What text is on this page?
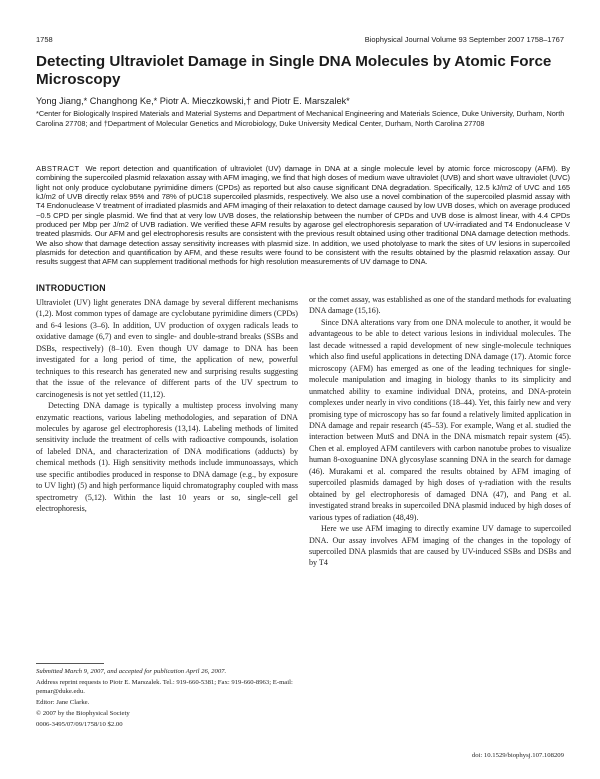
1758	Biophysical Journal Volume 93 September 2007 1758–1767
Detecting Ultraviolet Damage in Single DNA Molecules by Atomic Force Microscopy
Yong Jiang,* Changhong Ke,* Piotr A. Mieczkowski,† and Piotr E. Marszalek*
*Center for Biologically Inspired Materials and Material Systems and Department of Mechanical Engineering and Materials Science, Duke University, Durham, North Carolina 27708; and †Department of Molecular Genetics and Microbiology, Duke University Medical Center, Durham, North Carolina 27708
ABSTRACT We report detection and quantification of ultraviolet (UV) damage in DNA at a single molecule level by atomic force microscopy (AFM). By combining the supercoiled plasmid relaxation assay with AFM imaging, we find that high doses of medium wave ultraviolet (UVB) and short wave ultraviolet (UVC) light not only produce cyclobutane pyrimidine dimers (CPDs) as reported but also cause significant DNA degradation. Specifically, 12.5 kJ/m2 of UVC and 165 kJ/m2 of UVB directly relax 95% and 78% of pUC18 supercoiled plasmids, respectively. We also use a novel combination of the supercoiled plasmid assay with T4 Endonuclease V treatment of irradiated plasmids and AFM imaging of their relaxation to detect damage caused by low UVB doses, which on average produced ~0.5 CPD per single plasmid. We find that at very low UVB doses, the relationship between the number of CPDs and UVB dose is almost linear, with 4.4 CPDs produced per Mbp per J/m2 of UVB radiation. We verified these AFM results by agarose gel electrophoresis separation of UV-irradiated and T4 Endonuclease V treated plasmids. Our AFM and gel electrophoresis results are consistent with the previous result obtained using other traditional DNA damage detection methods. We also show that damage detection assay sensitivity increases with plasmid size. In addition, we used photolyase to mark the sites of UV lesions in supercoiled plasmids for detection and quantification by AFM, and these results were found to be consistent with the results obtained by the plasmid relaxation assay. Our results suggest that AFM can supplement traditional methods for high resolution measurements of UV damage to DNA.
INTRODUCTION

Ultraviolet (UV) light generates DNA damage by several different mechanisms (1,2). Most common types of damage are cyclobutane pyrimidine dimers (CPDs) and 6-4 lesions (3–6). In addition, UV production of oxygen radicals leads to oxidative damage (6,7) and even to single- and double-strand breaks (SSBs and DSBs, respectively) (8–10). Even though UV damage to DNA has been investigated for a long period of time, the application of new, powerful techniques to this research has generated new and surprising results suggesting that the issue of the relevance of different parts of the UV spectrum to carcinogenesis is not yet settled (11,12).

Detecting DNA damage is typically a multistep process involving many enzymatic reactions, various labeling methodologies, and separation of DNA molecules by agarose gel electrophoresis (13,14). Labeling methods of limited sensitivity include the treatment of cells with radioactive compounds, isolation of labeled DNA, and characterization of DNA modifications (adducts) by chemical methods (1). High sensitivity methods include immunoassays, which use specific antibodies produced in response to DNA damage (e.g., by exposure to UV light) (5) and high performance liquid chromatography coupled with mass spectrometry (5,12). Within the last 10 years or so, single-cell gel electrophoresis,

or the comet assay, was established as one of the standard methods for evaluating DNA damage (15,16).

Since DNA alterations vary from one DNA molecule to another, it would be advantageous to be able to detect various lesions in individual molecules. The last decade witnessed a rapid development of new single-molecule techniques which also find useful applications in detecting DNA damage (17). Atomic force microscopy (AFM) has emerged as one of the leading techniques for single-molecule manipulation and imaging in biology thanks to its simplicity and unmatched ability to examine individual DNA, proteins, and DNA-protein complexes under nearly in vivo conditions (18–44). Yet, this fairly new and very promising type of microscopy has so far found a relatively limited application in DNA damage and repair research (45–53). For example, Wang et al. studied the interaction between MutS and DNA in the DNA mismatch repair system (45). Chen et al. employed AFM cantilevers with carbon nanotube probes to visualize human 8-oxoguanine DNA glycosylase scanning DNA in the search for damage (46). Murakami et al. compared the results obtained by AFM imaging of supercoiled plasmids damaged by high doses of γ-radiation with the results obtained by gel electrophoresis of damaged DNA (47), and Pang et al. investigated strand breaks in supercoiled DNA plasmid induced by high doses of various types of radiation (48,49).

Here we use AFM imaging to directly examine UV damage to supercoiled DNA. Our assay involves AFM imaging of the changes in the topology of supercoiled DNA plasmids that are caused by UV-induced SSBs and DSBs and by T4

Submitted March 9, 2007, and accepted for publication April 26, 2007.

Address reprint requests to Piotr E. Marszalek. Tel.: 919-660-5381; Fax: 919-660-8963; E-mail: pemar@duke.edu.

Editor: Jane Clarke.

© 2007 by the Biophysical Society

0006-3495/07/09/1758/10 $2.00

doi: 10.1529/biophysj.107.108209
